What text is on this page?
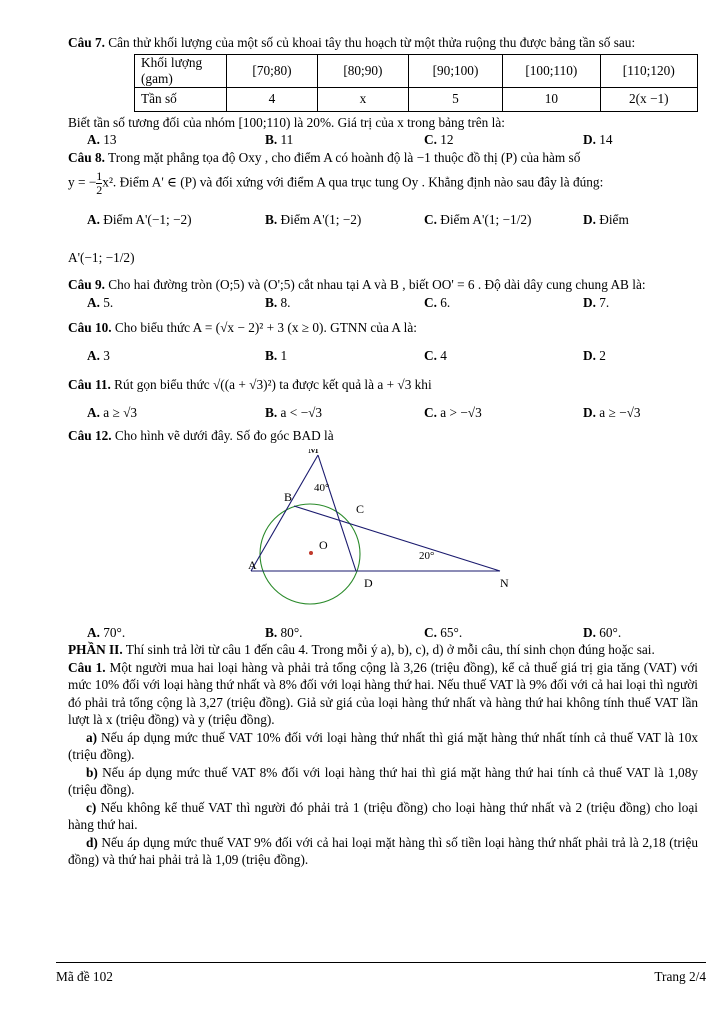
Câu 7. Cân thử khối lượng của một số củ khoai tây thu hoạch từ một thửa ruộng thu được bảng tần số sau:

Khối lượng (gam)	[70;80)	[80;90)	[90;100)	[100;110)	[110;120)
Tần số	4	x	5	10	2(x −1)

Biết tần số tương đối của nhóm [100;110) là 20%. Giá trị của x trong bảng trên là:

A. 13	B. 11	C. 12	D. 14

Câu 8. Trong mặt phẳng tọa độ Oxy , cho điểm A có hoành độ là −1 thuộc đồ thị (P) của hàm số

y = − $\frac{1}{2} x^2$. Điểm A' ∈ (P) và đối xứng với điểm A qua trục tung Oy . Khẳng định nào sau đây là đúng:

A. Điểm A'(−1; −2)	B. Điểm A'(1; −2)	C. Điểm A'(1; −1/2)	D. Điểm

A'(−1; −1/2)

Câu 9. Cho hai đường tròn (O;5) và (O';5) cắt nhau tại A và B , biết OO' = 6 . Độ dài dây cung chung AB là:

A. 5.	B. 8.	C. 6.	D. 7.

Câu 10. Cho biểu thức A = (√x − 2)² + 3 (x ≥ 0). GTNN của A là:

A. 3	B. 1	C. 4	D. 2

Câu 11. Rút gọn biểu thức √((a + √3)²) ta được kết quả là a + √3 khi

A. a ≥ √3	B. a < −√3	C. a > −√3	D. a ≥ −√3

Câu 12. Cho hình vẽ dưới đây. Số đo góc BAD là

M
B
C
O
A
D	N
40°
20°
A. 70°.	B. 80°.	C. 65°.	D. 60°.

PHẦN II. Thí sinh trả lời từ câu 1 đến câu 4. Trong mỗi ý a), b), c), d) ở mỗi câu, thí sinh chọn đúng hoặc sai.

Câu 1. Một người mua hai loại hàng và phải trả tổng cộng là 3,26 (triệu đồng), kể cả thuế giá trị gia tăng (VAT) với mức 10% đối với loại hàng thứ nhất và 8% đối với loại hàng thứ hai. Nếu thuế VAT là 9% đối với cả hai loại thì người đó phải trả tổng cộng là 3,27 (triệu đồng). Giả sử giá của loại hàng thứ nhất và hàng thứ hai không tính thuế VAT lần lượt là x (triệu đồng) và y (triệu đồng).

a) Nếu áp dụng mức thuế VAT 10% đối với loại hàng thứ nhất thì giá mặt hàng thứ nhất tính cả thuế VAT là 10x (triệu đồng).

b) Nếu áp dụng mức thuế VAT 8% đối với loại hàng thứ hai thì giá mặt hàng thứ hai tính cả thuế VAT là 1,08y (triệu đồng).

c) Nếu không kể thuế VAT thì người đó phải trả 1 (triệu đồng) cho loại hàng thứ nhất và 2 (triệu đồng) cho loại hàng thứ hai.

d) Nếu áp dụng mức thuế VAT 9% đối với cả hai loại mặt hàng thì số tiền loại hàng thứ nhất phải trả là 2,18 (triệu đồng) và thứ hai phải trả là 1,09 (triệu đồng).

Mã đề 102	Trang 2/4
